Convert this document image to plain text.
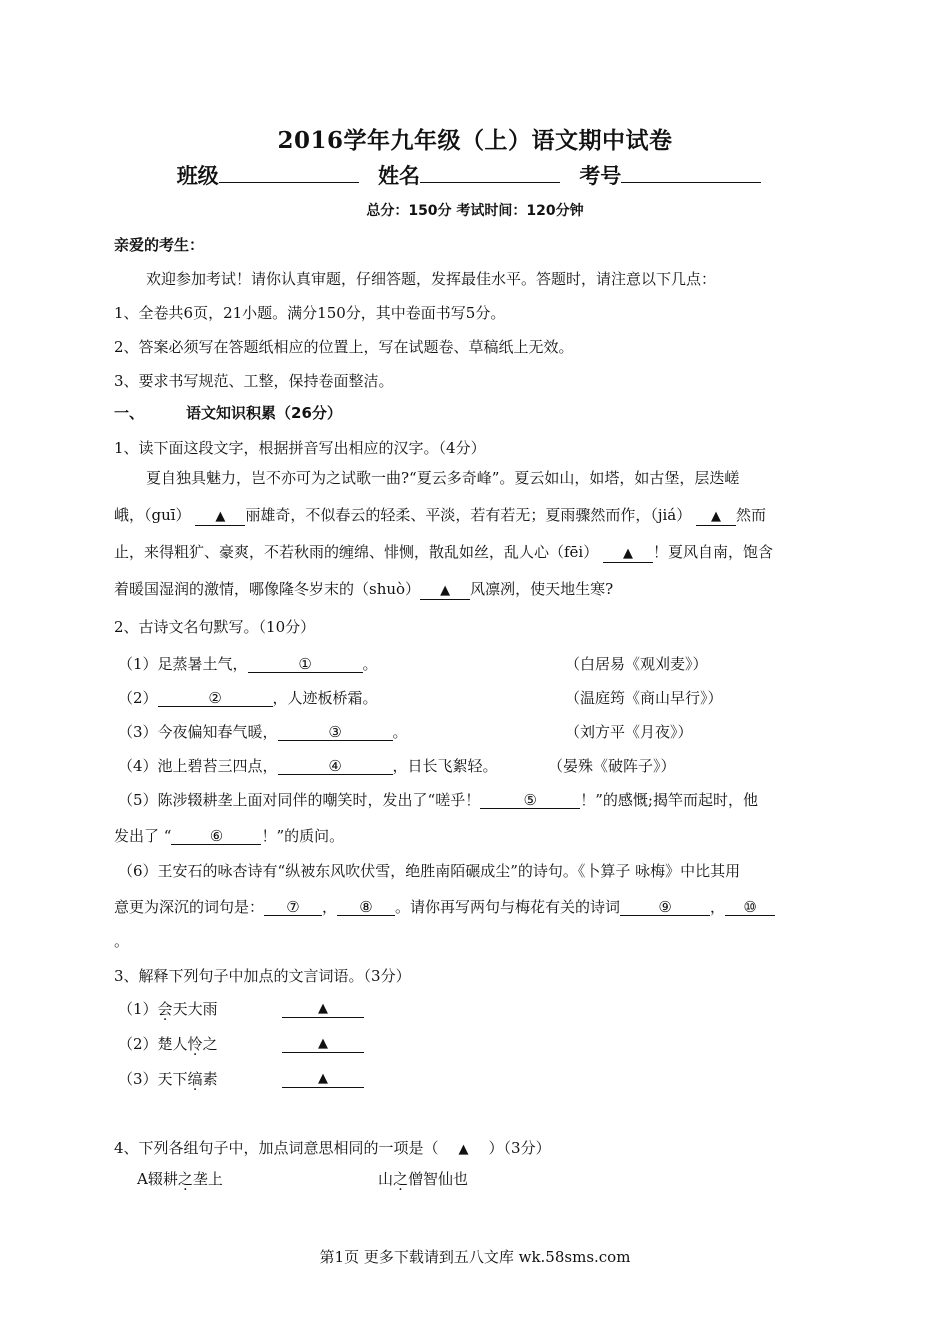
2016学年九年级（上）语文期中试卷
班级	姓名	考号
总分：150分 考试时间：120分钟
亲爱的考生：
欢迎参加考试！请你认真审题，仔细答题，发挥最佳水平。答题时，请注意以下几点：
1、全卷共6页，21小题。满分150分，其中卷面书写5分。
2、答案必须写在答题纸相应的位置上，写在试题卷、草稿纸上无效。
3、要求书写规范、工整，保持卷面整洁。
一、	语文知识积累（26分）
1、读下面这段文字，根据拼音写出相应的汉字。（4分）
夏自独具魅力，岂不亦可为之试歌一曲?“夏云多奇峰”。夏云如山，如塔，如古堡，层迭嵯
峨，（guī） ▲ 丽雄奇，不似春云的轻柔、平淡，若有若无；夏雨骤然而作，（jiá） ▲ 然而
止，来得粗犷、豪爽，不若秋雨的缠绵、悱恻，散乱如丝，乱人心（fēi） ▲ ！夏风自南，饱含
着暖国湿润的激情，哪像隆冬岁末的（shuò） ▲ 风凛冽，使天地生寒?
2、古诗文名句默写。（10分）
（1）足蒸暑土气，	①	。	（白居易《观刈麦》）
（2）	②	，人迹板桥霜。	（温庭筠《商山早行》）
（3）今夜偏知春气暖，	③	。	（刘方平《月夜》）
（4）池上碧苔三四点，	④	，日长飞絮轻。	（晏殊《破阵子》）
（5）陈涉辍耕垄上面对同伴的嘲笑时，发出了“嗟乎！	⑤	！”的感慨;揭竿而起时，他
发出了 “	⑥	！”的质问。
（6）王安石的咏杏诗有“纵被东风吹伏雪，绝胜南陌碾成尘”的诗句。《卜算子 咏梅》中比其用
意更为深沉的词句是： ⑦ ， ⑧ 。请你再写两句与梅花有关的诗词	⑨	， ⑩
。
3、解释下列句子中加点的文言词语。（3分）
（1）会天大雨	▲
（2）楚人怜之	▲
（3）天下缟素	▲
4、下列各组句子中，加点词意思相同的一项是（ ▲ ）（3分）
A辍耕之垄上	山之僧智仙也
第1页 更多下载请到五八文库 wk.58sms.com
